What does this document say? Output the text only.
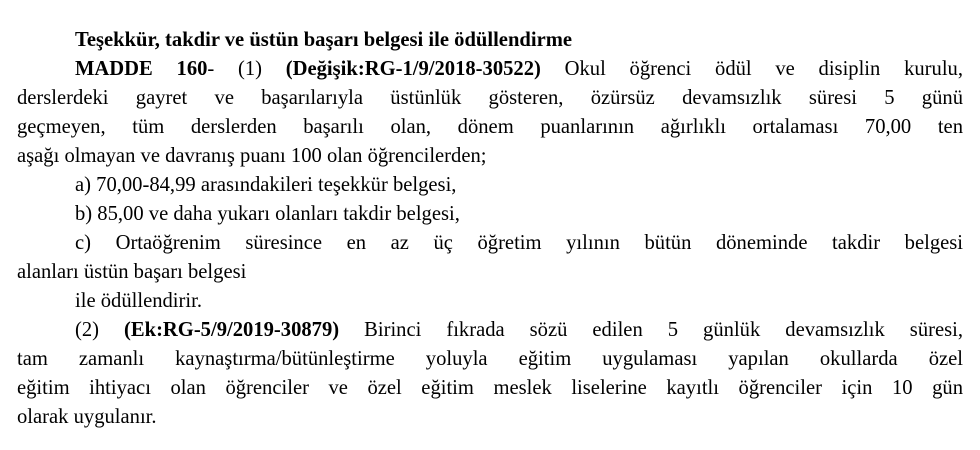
Teşekkür, takdir ve üstün başarı belgesi ile ödüllendirme
MADDE 160- (1) (Değişik:RG-1/9/2018-30522) Okul öğrenci ödül ve disiplin kurulu,
derslerdeki gayret ve başarılarıyla üstünlük gösteren, özürsüz devamsızlık süresi 5 günü
geçmeyen, tüm derslerden başarılı olan, dönem puanlarının ağırlıklı ortalaması 70,00 ten
aşağı olmayan ve davranış puanı 100 olan öğrencilerden;
a) 70,00-84,99 arasındakileri teşekkür belgesi,
b) 85,00 ve daha yukarı olanları takdir belgesi,
c) Ortaöğrenim süresince en az üç öğretim yılının bütün döneminde takdir belgesi
alanları üstün başarı belgesi
ile ödüllendirir.
(2) (Ek:RG-5/9/2019-30879) Birinci fıkrada sözü edilen 5 günlük devamsızlık süresi,
tam zamanlı kaynaştırma/bütünleştirme yoluyla eğitim uygulaması yapılan okullarda özel
eğitim ihtiyacı olan öğrenciler ve özel eğitim meslek liselerine kayıtlı öğrenciler için 10 gün
olarak uygulanır.
